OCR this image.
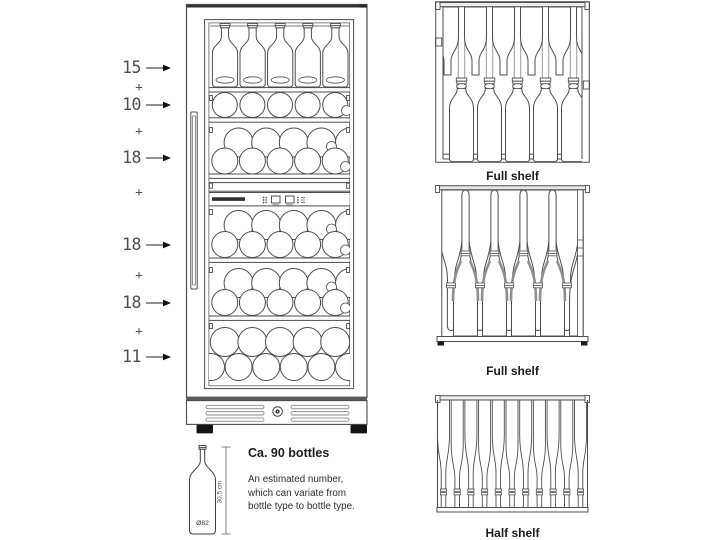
15
+
10
+
18
+
18
+
18
+
11
Full shelf
Full shelf
Half shelf
Ø82
30,5 cm
Ca. 90 bottles
An estimated number,
which can variate from
bottle type to bottle type.
